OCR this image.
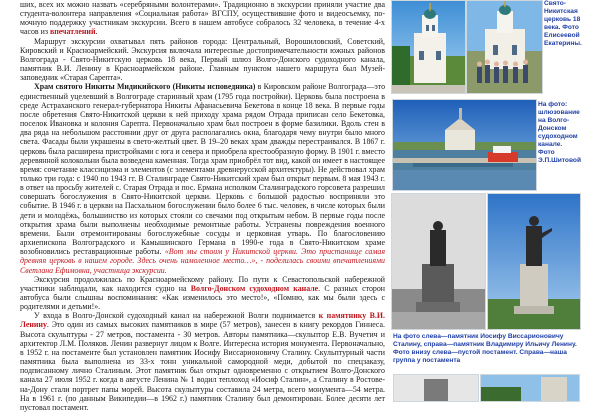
ших, всех их можно назвать «серебряными волонтерами». Традиционно в экскурсии приняли участие два студента-волонтера направления «Социальная работа» ВГСПУ, осуществившие фото и видеосъемку, по-мочную поддержку участникам экскурсии. Всего в нашем автобусе собралось 32 человека, в течение 4-х часов из впечатлений.

Маршрут экскурсии охватывал пять районов города: Центральный, Ворошиловский, Советский, Кировский и Красноармейский. Экскурсия включала интересные достопримечательности южных районов Волгограда - Свято-Никитскую церковь 18 века, Первый шлюз Волго-Донского судоходного канала, памятник В.И. Ленину в Красноармейском районе. Главным пунктом нашего маршрута был Музей-заповедник «Старая Сарепта».

Храм святого Никиты Мидикийского (Никиты исповедника) в Кировском районе Волгограда—это единственный уцелевший в Волгограде старинный храм (1795 года постройки). Церковь была построена в среде Астраханского генерал-губернатора Никиты Афанасьевича Бекетова в конце 18 века. В первые годы после обретения Свято-Никитской церкви к ней приходу храма рядом Отрада приписан село Бекетовка, поселок Ивановка и колония Сарепта. Первоначально храм был построен в форме базилики. Вдоль стен в два ряда на небольшом расстоянии друг от друга располагались окна, благодаря чему внутри было много света. Фасады были украшены в свето-желтый цвет. В 19–20 веках храм дважды перестраивался. В 1867 г. церковь была расширена пристройками с юга и севера и приобрела крестообразную форму. В 1901 г. вместо деревянной колокольни была возведена каменная. Тогда храм приобрёл тот вид, какой он имеет в настоящее время: сочетание классицизма и элементов (с элементами древнерусской архитектуры). Не действовал храм только три года: с 1940 по 1943 гг. В Сталинграде Свято-Никитский храм был открыт первым. 8 мая 1943 г. в ответ на просьбу жителей с. Старая Отрада и пос. Ермана исполком Сталинградского горсовета разрешил совершать богослужения в Свято-Никитской церкви. Церковь с большой радостью восприняли это событие. В 1946 г. в церкви на Пасхальном богослужении было более 6 тыс. человек, в числе которых были дети и молодёжь, большинство из которых стояли со свечами под открытым небом. В первые годы после открытия храма были выполнены необходимые ремонтные работы. Устранены повреждения военного времени. Были отремонтированы богослужебные сосуды и церковная утварь. По благословению архиепископа Волгоградского и Камышинского Германа в 1990-е года в Свято-Никитском храме возобновились реставрационные работы. «Вот мы стоим у Никитской церкви. Это пристанище самая древняя церковь в нашем городе. Здесь очень намоленное место…», - поделилась своими впечатлениями Светлана Ефимовна, участница экскурсии.

Экскурсия продолжилась по Красноармейскому району. По пути к Севастопольской набережной участники наблюдали, как находится судно на Волго-Донском судоходном канале. С разных сторон автобуса были слышны воспоминания: «Как изменилось это место!», «Помню, как мы были здесь с родителями и детьми!».

У входа в Волго-Донской судоходный канал на набережной Волги поднимается к памятнику В.И. Ленину. Это один из самых высоких памятников в мире (57 метров), занесен в книгу рекордов Гиннеса. Высота скульптуры - 27 метров, постамента - 30 метров. Авторы памятника—скульптор Е.В. Вучетич и архитектор Л.М. Поляков. Ленин развернут лицом к Волге. Интересна история монумента. Первоначально, в 1952 г. на постаменте был установлен памятник Иосифу Виссарионовичу Сталину. Скульптурный части памятника была выполнена из 33-х тонн уникальной самородной меди, добытой по спецзаказу, подписанному лично Сталиным. Этот памятник был открыт одновременно с открытием Волго-Донского канала 27 июля 1952 г. когда в августе Ленина № 1 водил теплоход «Иосиф Сталин», а Сталину в Ростове-на-Дону стали портрет папы морей. Высота скульптуры составила 24 метра, всего монумента—54 метра. На в 1961 г. (по данным Википедии—в 1962 г.) памятник Сталину был демонтирован. Более десяти лет пустовал постамент.

Свято-Никитская церковь 18 века. Фото Елисеевой Екатерины.
На фото: шлюзование на Волго-Донском судоходном канале. Фото Э.П.Шитовой
На фото слева—памятник Иосифу Виссарионовичу Сталину, справа—памятник Владимиру Ильичу Ленину. Фото внизу слева—пустой постамент. Справа—наша группа у постамента
